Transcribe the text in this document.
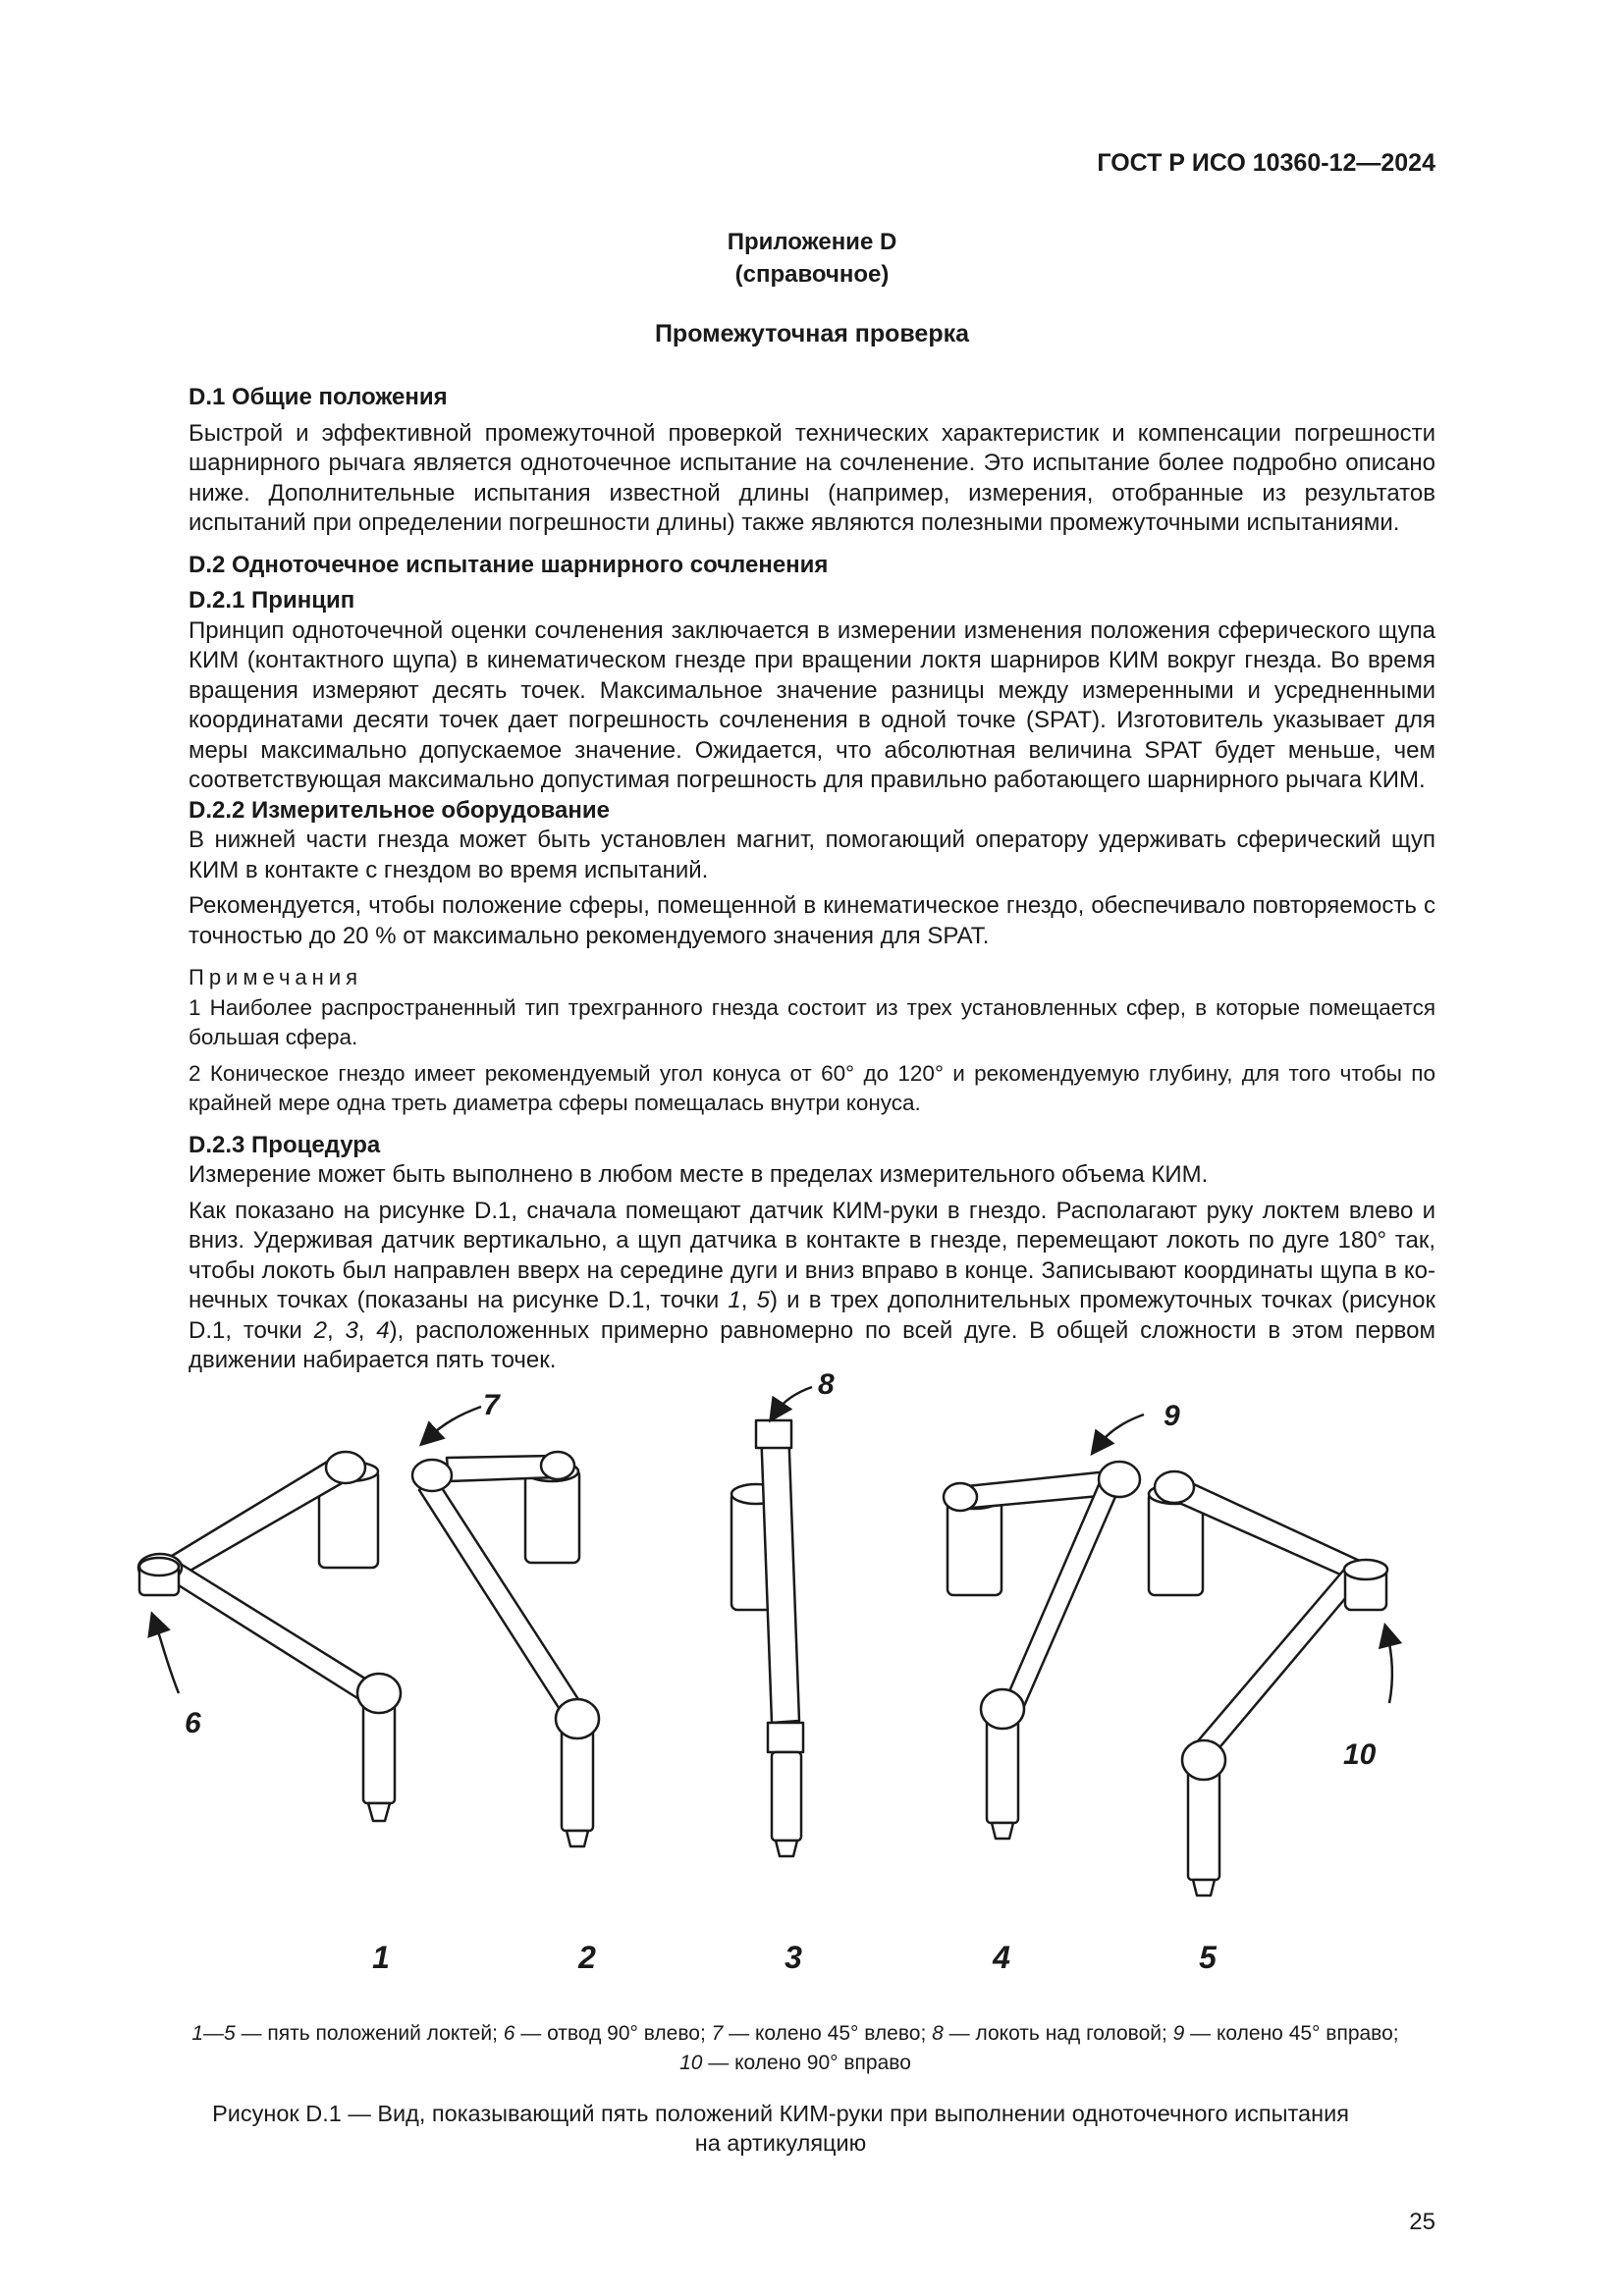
ГОСТ Р ИСО 10360-12—2024
Приложение D
(справочное)
Промежуточная проверка

D.1 Общие положения

Быстрой и эффективной промежуточной проверкой технических характеристик и компенсации погрешности шарнирного рычага является одноточечное испытание на сочленение. Это испытание более подробно описано ниже. Дополнительные испытания известной длины (например, измерения, отобранные из результатов испытаний при определении погрешности длины) также являются полезными промежуточными испытаниями.

D.2 Одноточечное испытание шарнирного сочленения

D.2.1 Принцип

Принцип одноточечной оценки сочленения заключается в измерении изменения положения сферического щупа КИМ (контактного щупа) в кинематическом гнезде при вращении локтя шарниров КИМ вокруг гнезда. Во время вращения измеряют десять точек. Максимальное значение разницы между измеренными и усредненными координатами десяти точек дает погрешность сочленения в одной точке (SPAT). Изготовитель указывает для меры максимально допускаемое значение. Ожидается, что абсолютная величина SPAT будет меньше, чем соответствующая максимально допустимая погрешность для правильно работающего шарнирного рычага КИМ.

D.2.2 Измерительное оборудование

В нижней части гнезда может быть установлен магнит, помогающий оператору удерживать сферический щуп КИМ в контакте с гнездом во время испытаний.

Рекомендуется, чтобы положение сферы, помещенной в кинематическое гнездо, обеспечивало повторяемость с точностью до 20 % от максимально рекомендуемого значения для SPAT.

Примечания

1 Наиболее распространенный тип трехгранного гнезда состоит из трех установленных сфер, в которые помещается большая сфера.

2 Коническое гнездо имеет рекомендуемый угол конуса от 60° до 120° и рекомендуемую глубину, для того чтобы по крайней мере одна треть диаметра сферы помещалась внутри конуса.

D.2.3 Процедура

Измерение может быть выполнено в любом месте в пределах измерительного объема КИМ.

Как показано на рисунке D.1, сначала помещают датчик КИМ-руки в гнездо. Располагают руку локтем влево и вниз. Удерживая датчик вертикально, а щуп датчика в контакте в гнезде, перемещают локоть по дуге 180° так, чтобы локоть был направлен вверх на середине дуги и вниз вправо в конце. Записывают координаты щупа в конечных точках (показаны на рисунке D.1, точки 1, 5) и в трех дополнительных промежуточных точках (рисунок D.1, точки 2, 3, 4), расположенных примерно равномерно по всей дуге. В общей сложности в этом первом движении набирается пять точек.

6
7
8
9
10
1	2	3	4	5
1—5 — пять положений локтей; 6 — отвод 90° влево; 7 — колено 45° влево; 8 — локоть над головой; 9 — колено 45° вправо;
10 — колено 90° вправо
Рисунок D.1 — Вид, показывающий пять положений КИМ-руки при выполнении одноточечного испытания
на артикуляцию
25
